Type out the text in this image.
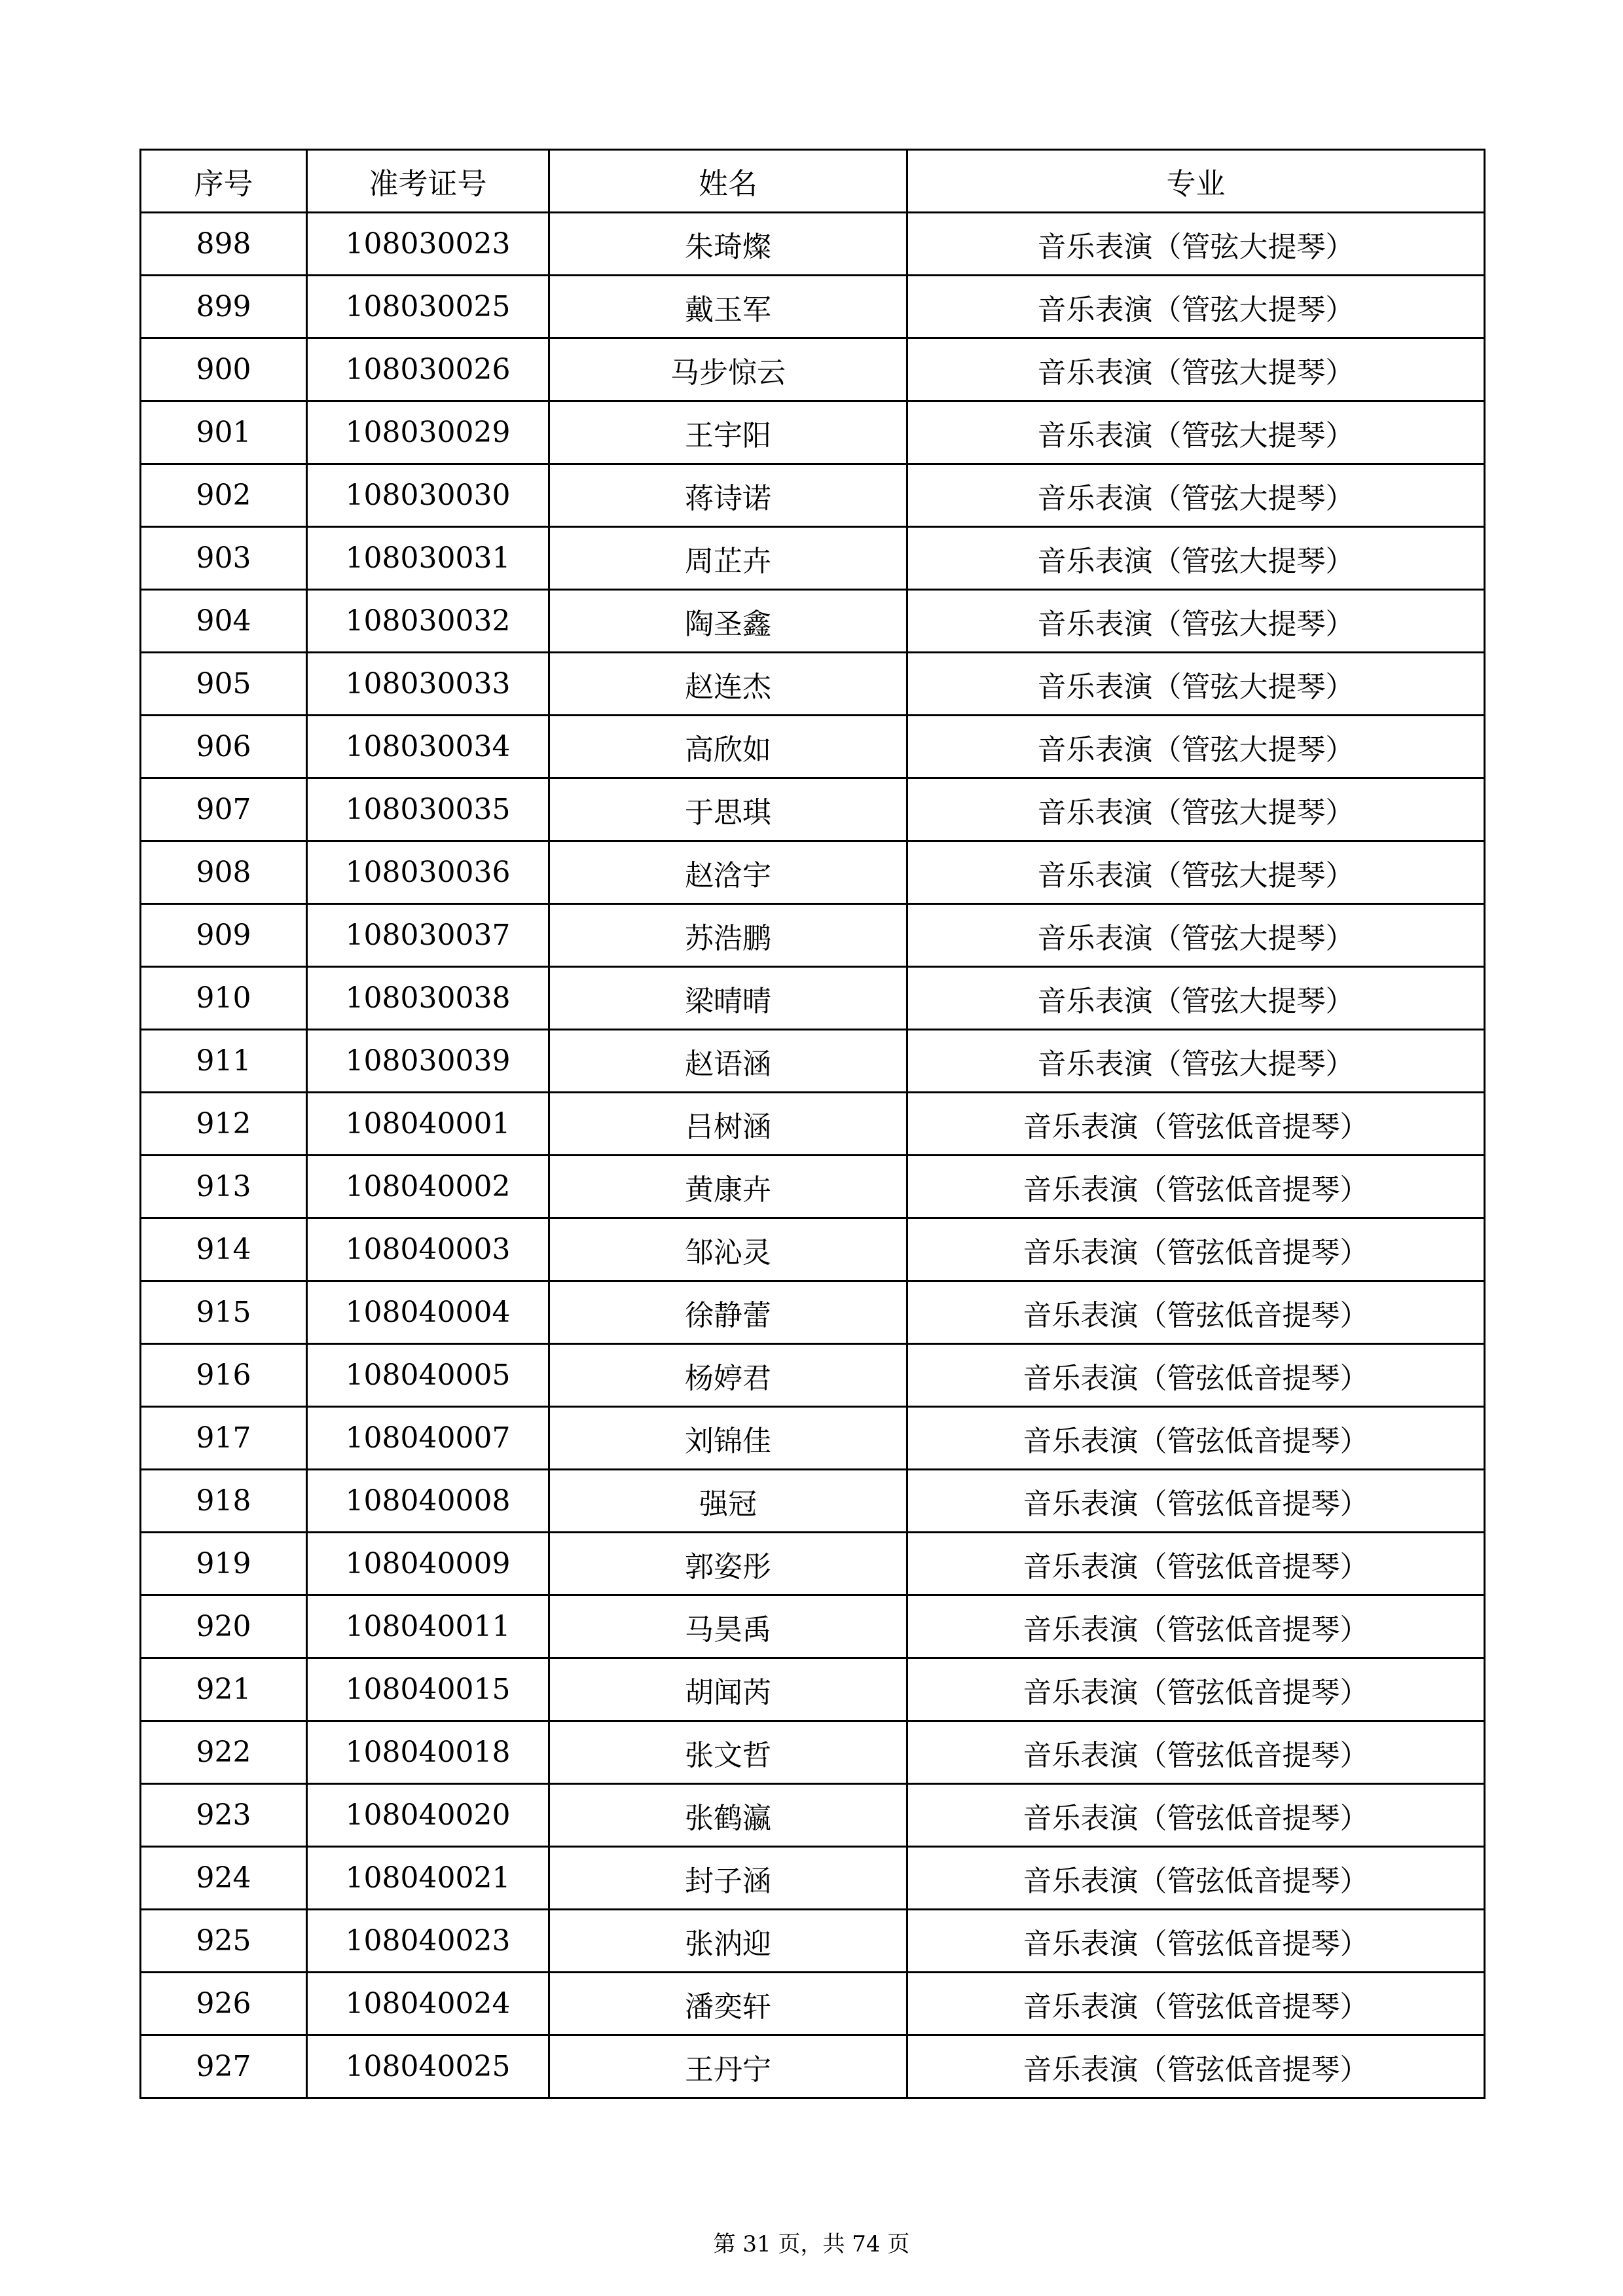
序号	准考证号	姓名	专业
898	108030023	朱琦燦	音乐表演（管弦大提琴）
899	108030025	戴玉军	音乐表演（管弦大提琴）
900	108030026	马步惊云	音乐表演（管弦大提琴）
901	108030029	王宇阳	音乐表演（管弦大提琴）
902	108030030	蒋诗诺	音乐表演（管弦大提琴）
903	108030031	周芷卉	音乐表演（管弦大提琴）
904	108030032	陶圣鑫	音乐表演（管弦大提琴）
905	108030033	赵连杰	音乐表演（管弦大提琴）
906	108030034	高欣如	音乐表演（管弦大提琴）
907	108030035	于思琪	音乐表演（管弦大提琴）
908	108030036	赵浛宇	音乐表演（管弦大提琴）
909	108030037	苏浩鹏	音乐表演（管弦大提琴）
910	108030038	梁晴晴	音乐表演（管弦大提琴）
911	108030039	赵语涵	音乐表演（管弦大提琴）
912	108040001	吕树涵	音乐表演（管弦低音提琴）
913	108040002	黄康卉	音乐表演（管弦低音提琴）
914	108040003	邹沁灵	音乐表演（管弦低音提琴）
915	108040004	徐静蕾	音乐表演（管弦低音提琴）
916	108040005	杨婷君	音乐表演（管弦低音提琴）
917	108040007	刘锦佳	音乐表演（管弦低音提琴）
918	108040008	强冠	音乐表演（管弦低音提琴）
919	108040009	郭姿彤	音乐表演（管弦低音提琴）
920	108040011	马昊禹	音乐表演（管弦低音提琴）
921	108040015	胡闻芮	音乐表演（管弦低音提琴）
922	108040018	张文哲	音乐表演（管弦低音提琴）
923	108040020	张鹤瀛	音乐表演（管弦低音提琴）
924	108040021	封子涵	音乐表演（管弦低音提琴）
925	108040023	张汭迎	音乐表演（管弦低音提琴）
926	108040024	潘奕轩	音乐表演（管弦低音提琴）
927	108040025	王丹宁	音乐表演（管弦低音提琴）
第 31 页，共 74 页
